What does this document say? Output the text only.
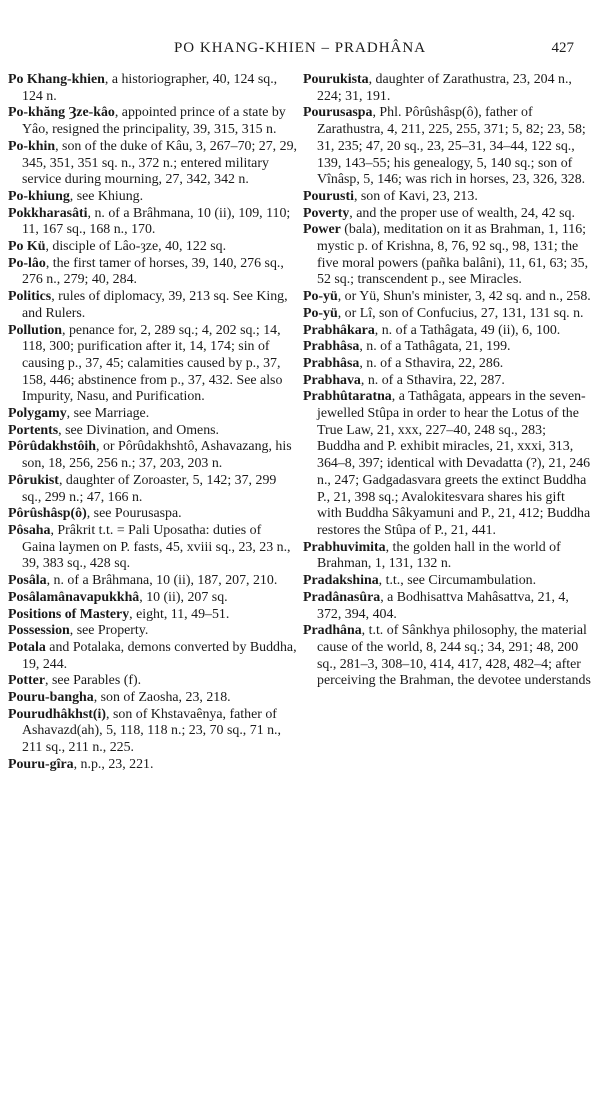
PO KHANG-KHIEN – PRADHÂNA	427

Po Khang-khien, a historiographer, 40, 124 sq., 124 n.

Po-khăng Ȝze-kâo, appointed prince of a state by Yâo, resigned the principality, 39, 315, 315 n.

Po-khin, son of the duke of Kâu, 3, 267–70; 27, 29, 345, 351, 351 sq. n., 372 n.; entered military service during mourning, 27, 342, 342 n.

Po-khiung, see Khiung.

Pokkharasâti, n. of a Brâhmana, 10 (ii), 109, 110; 11, 167 sq., 168 n., 170.

Po Kü, disciple of Lâo-ȝze, 40, 122 sq.

Po-lâo, the first tamer of horses, 39, 140, 276 sq., 276 n., 279; 40, 284.

Politics, rules of diplomacy, 39, 213 sq. See King, and Rulers.

Pollution, penance for, 2, 289 sq.; 4, 202 sq.; 14, 118, 300; purification after it, 14, 174; sin of causing p., 37, 45; calamities caused by p., 37, 158, 446; abstinence from p., 37, 432. See also Impurity, Nasu, and Purification.

Polygamy, see Marriage.

Portents, see Divination, and Omens.

Pôrûdakhstôih, or Pôrûdakhshtô, Ashavazang, his son, 18, 256, 256 n.; 37, 203, 203 n.

Pôrukist, daughter of Zoroaster, 5, 142; 37, 299 sq., 299 n.; 47, 166 n.

Pôrûshâsp(ô), see Pourusaspa.

Pôsaha, Prâkrit t.t. = Pali Uposatha: duties of Gaina laymen on P. fasts, 45, xviii sq., 23, 23 n., 39, 383 sq., 428 sq.

Posâla, n. of a Brâhmana, 10 (ii), 187, 207, 210.

Posâlamânavapukkhâ, 10 (ii), 207 sq.

Positions of Mastery, eight, 11, 49–51.

Possession, see Property.

Potala and Potalaka, demons converted by Buddha, 19, 244.

Potter, see Parables (f).

Pouru-bangha, son of Zaosha, 23, 218.

Pourudhâkhst(i), son of Khstavaênya, father of Ashavazd(ah), 5, 118, 118 n.; 23, 70 sq., 71 n., 211 sq., 211 n., 225.

Pouru-gîra, n.p., 23, 221.

Pourukista, daughter of Zarathustra, 23, 204 n., 224; 31, 191.

Pourusaspa, Phl. Pôrûshâsp(ô), father of Zarathustra, 4, 211, 225, 255, 371; 5, 82; 23, 58; 31, 235; 47, 20 sq., 23, 25–31, 34–44, 122 sq., 139, 143–55; his genealogy, 5, 140 sq.; son of Vînâsp, 5, 146; was rich in horses, 23, 326, 328.

Pourusti, son of Kavi, 23, 213.

Poverty, and the proper use of wealth, 24, 42 sq.

Power (bala), meditation on it as Brahman, 1, 116; mystic p. of Krishna, 8, 76, 92 sq., 98, 131; the five moral powers (pañka balâni), 11, 61, 63; 35, 52 sq.; transcendent p., see Miracles.

Po-yü, or Yü, Shun's minister, 3, 42 sq. and n., 258.

Po-yü, or Lî, son of Confucius, 27, 131, 131 sq. n.

Prabhâkara, n. of a Tathâgata, 49 (ii), 6, 100.

Prabhâsa, n. of a Tathâgata, 21, 199.

Prabhâsa, n. of a Sthavira, 22, 286.

Prabhava, n. of a Sthavira, 22, 287.

Prabhûtaratna, a Tathâgata, appears in the seven-jewelled Stûpa in order to hear the Lotus of the True Law, 21, xxx, 227–40, 248 sq., 283; Buddha and P. exhibit miracles, 21, xxxi, 313, 364–8, 397; identical with Devadatta (?), 21, 246 n., 247; Gadgadasvara greets the extinct Buddha P., 21, 398 sq.; Avalokitesvara shares his gift with Buddha Sâkyamuni and P., 21, 412; Buddha restores the Stûpa of P., 21, 441.

Prabhuvimita, the golden hall in the world of Brahman, 1, 131, 132 n.

Pradakshina, t.t., see Circumambulation.

Pradânasûra, a Bodhisattva Mahâsattva, 21, 4, 372, 394, 404.

Pradhâna, t.t. of Sânkhya philosophy, the material cause of the world, 8, 244 sq.; 34, 291; 48, 200 sq., 281–3, 308–10, 414, 417, 428, 482–4; after perceiving the Brahman, the devotee understands
